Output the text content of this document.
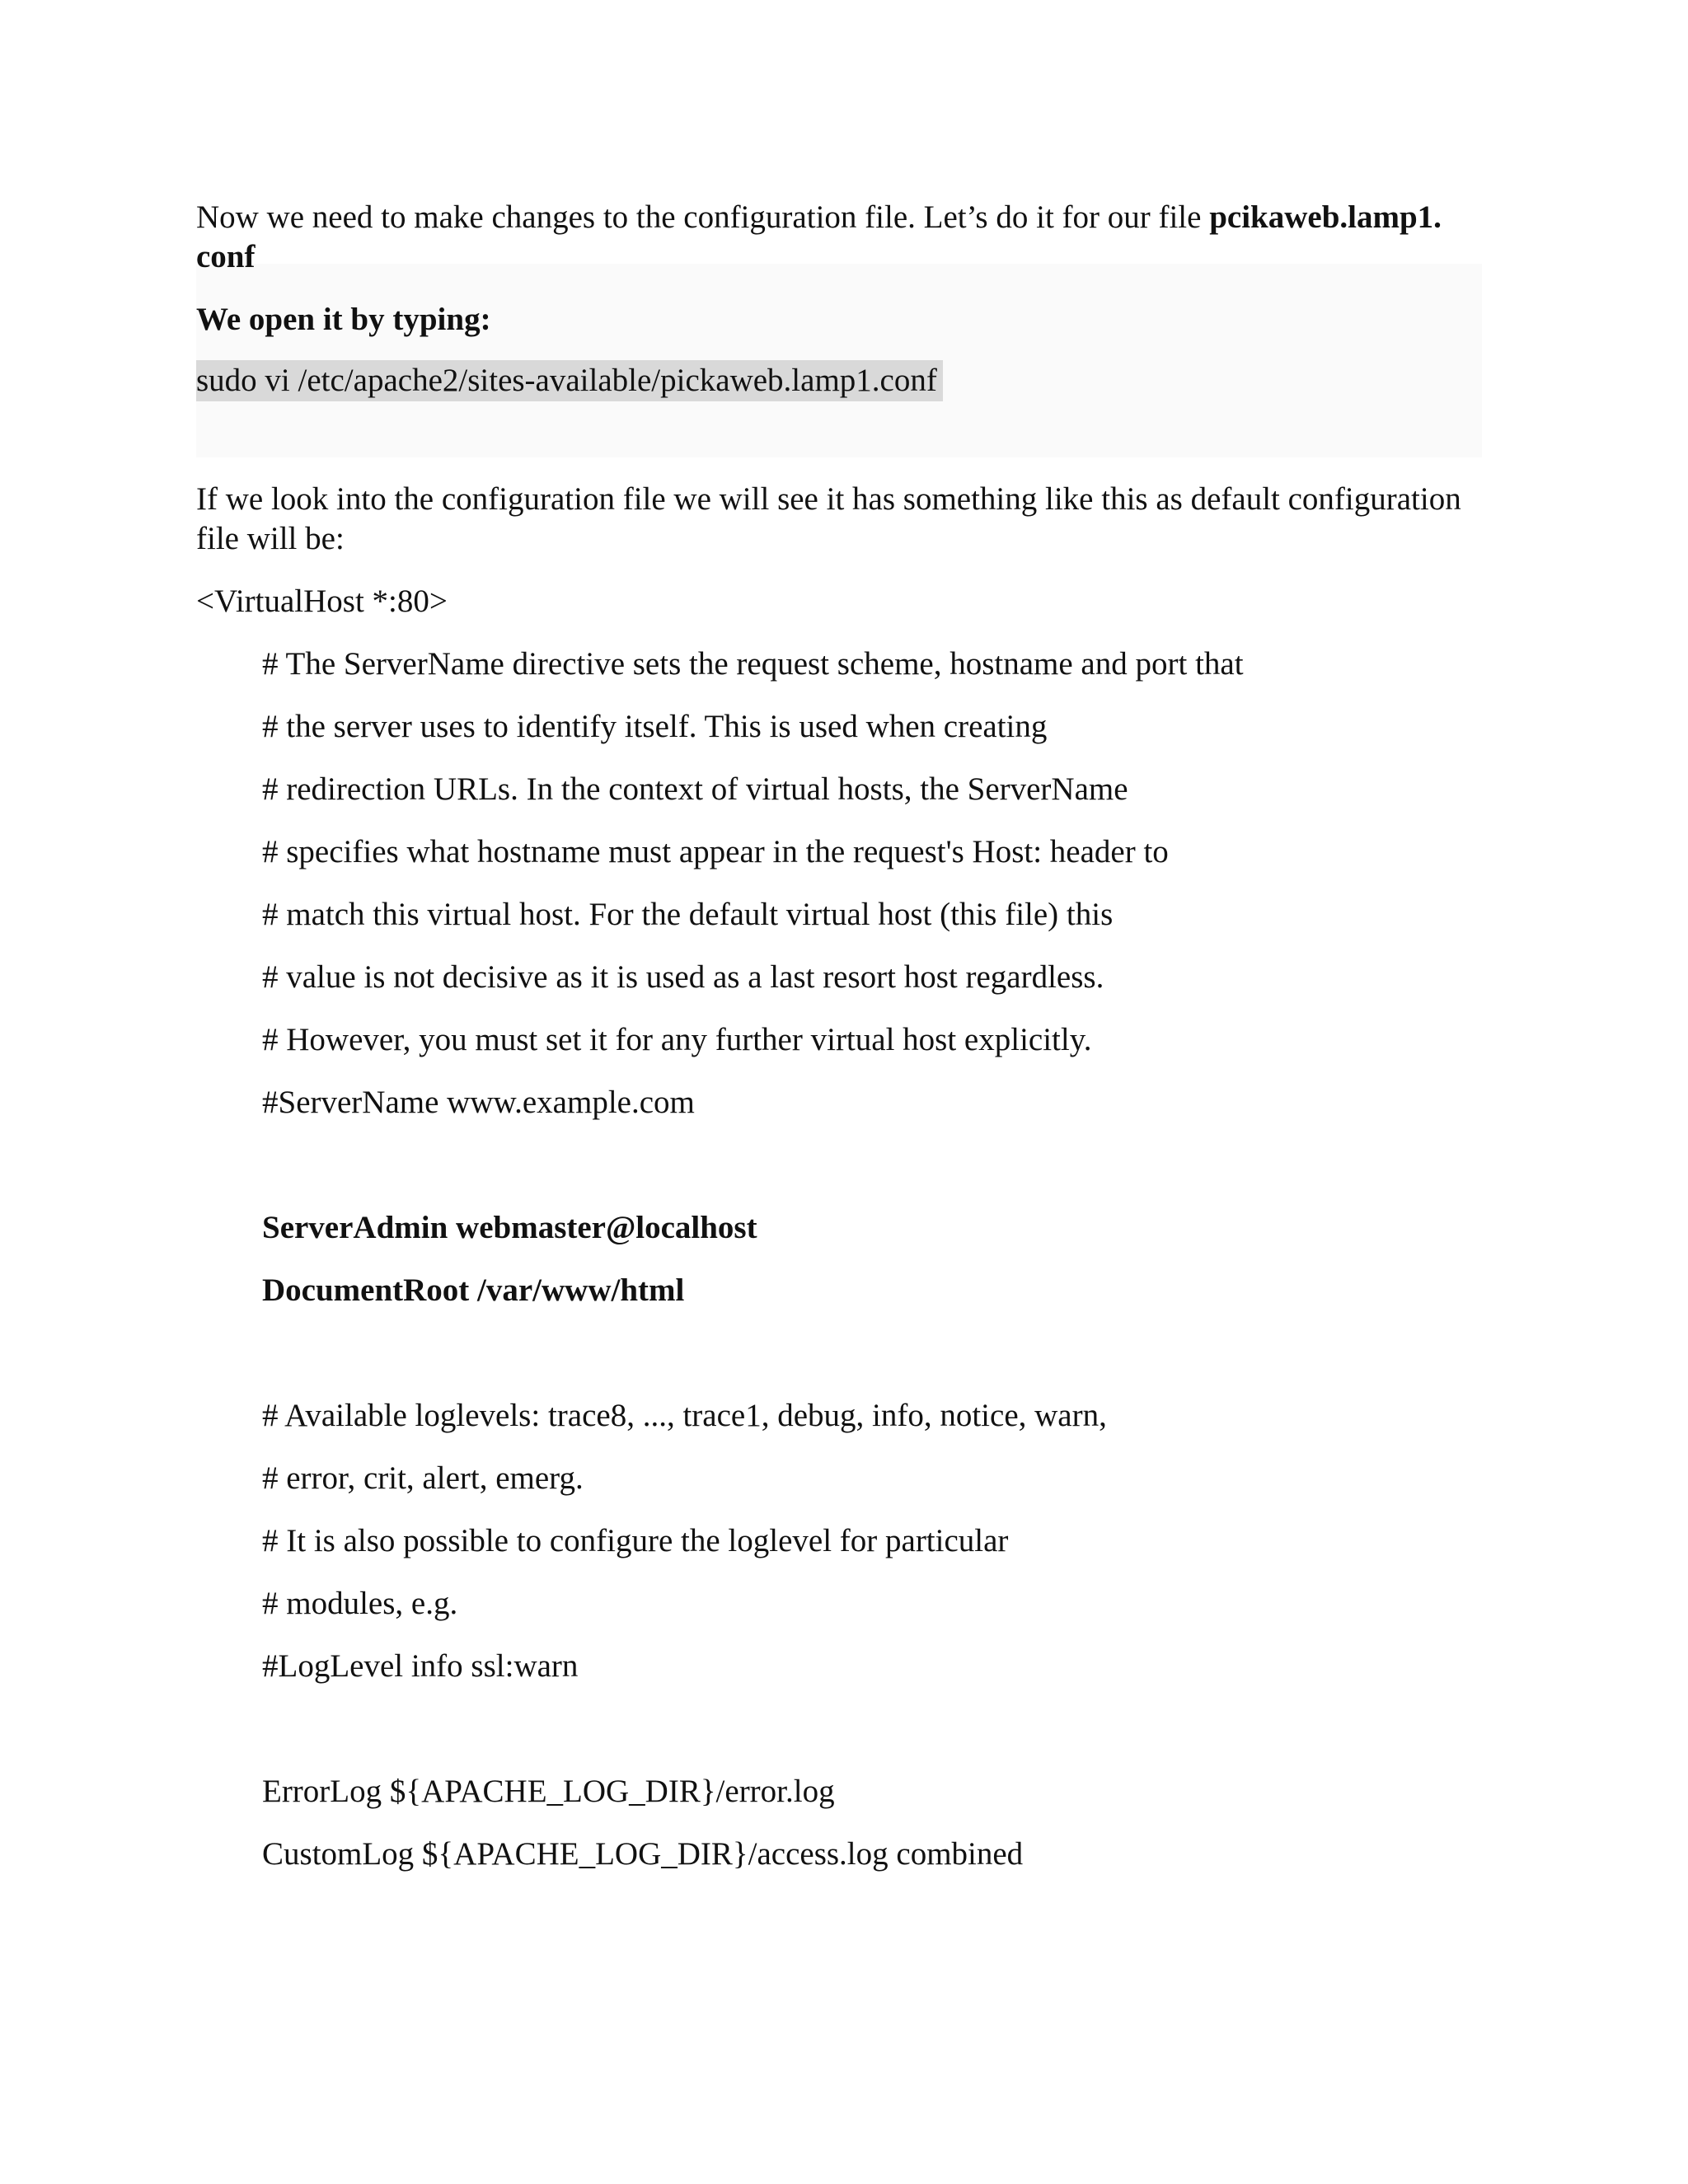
Now we need to make changes to the configuration file. Let’s do it for our file pcikaweb.lamp1.
conf
We open it by typing:
sudo vi /etc/apache2/sites-available/pickaweb.lamp1.conf
If we look into the configuration file we will see it has something like this as default configuration
file will be:
<VirtualHost *:80>
# The ServerName directive sets the request scheme, hostname and port that
# the server uses to identify itself. This is used when creating
# redirection URLs. In the context of virtual hosts, the ServerName
# specifies what hostname must appear in the request's Host: header to
# match this virtual host. For the default virtual host (this file) this
# value is not decisive as it is used as a last resort host regardless.
# However, you must set it for any further virtual host explicitly.
#ServerName www.example.com
ServerAdmin webmaster@localhost
DocumentRoot /var/www/html
# Available loglevels: trace8, ..., trace1, debug, info, notice, warn,
# error, crit, alert, emerg.
# It is also possible to configure the loglevel for particular
# modules, e.g.
#LogLevel info ssl:warn
ErrorLog ${APACHE_LOG_DIR}/error.log
CustomLog ${APACHE_LOG_DIR}/access.log combined
